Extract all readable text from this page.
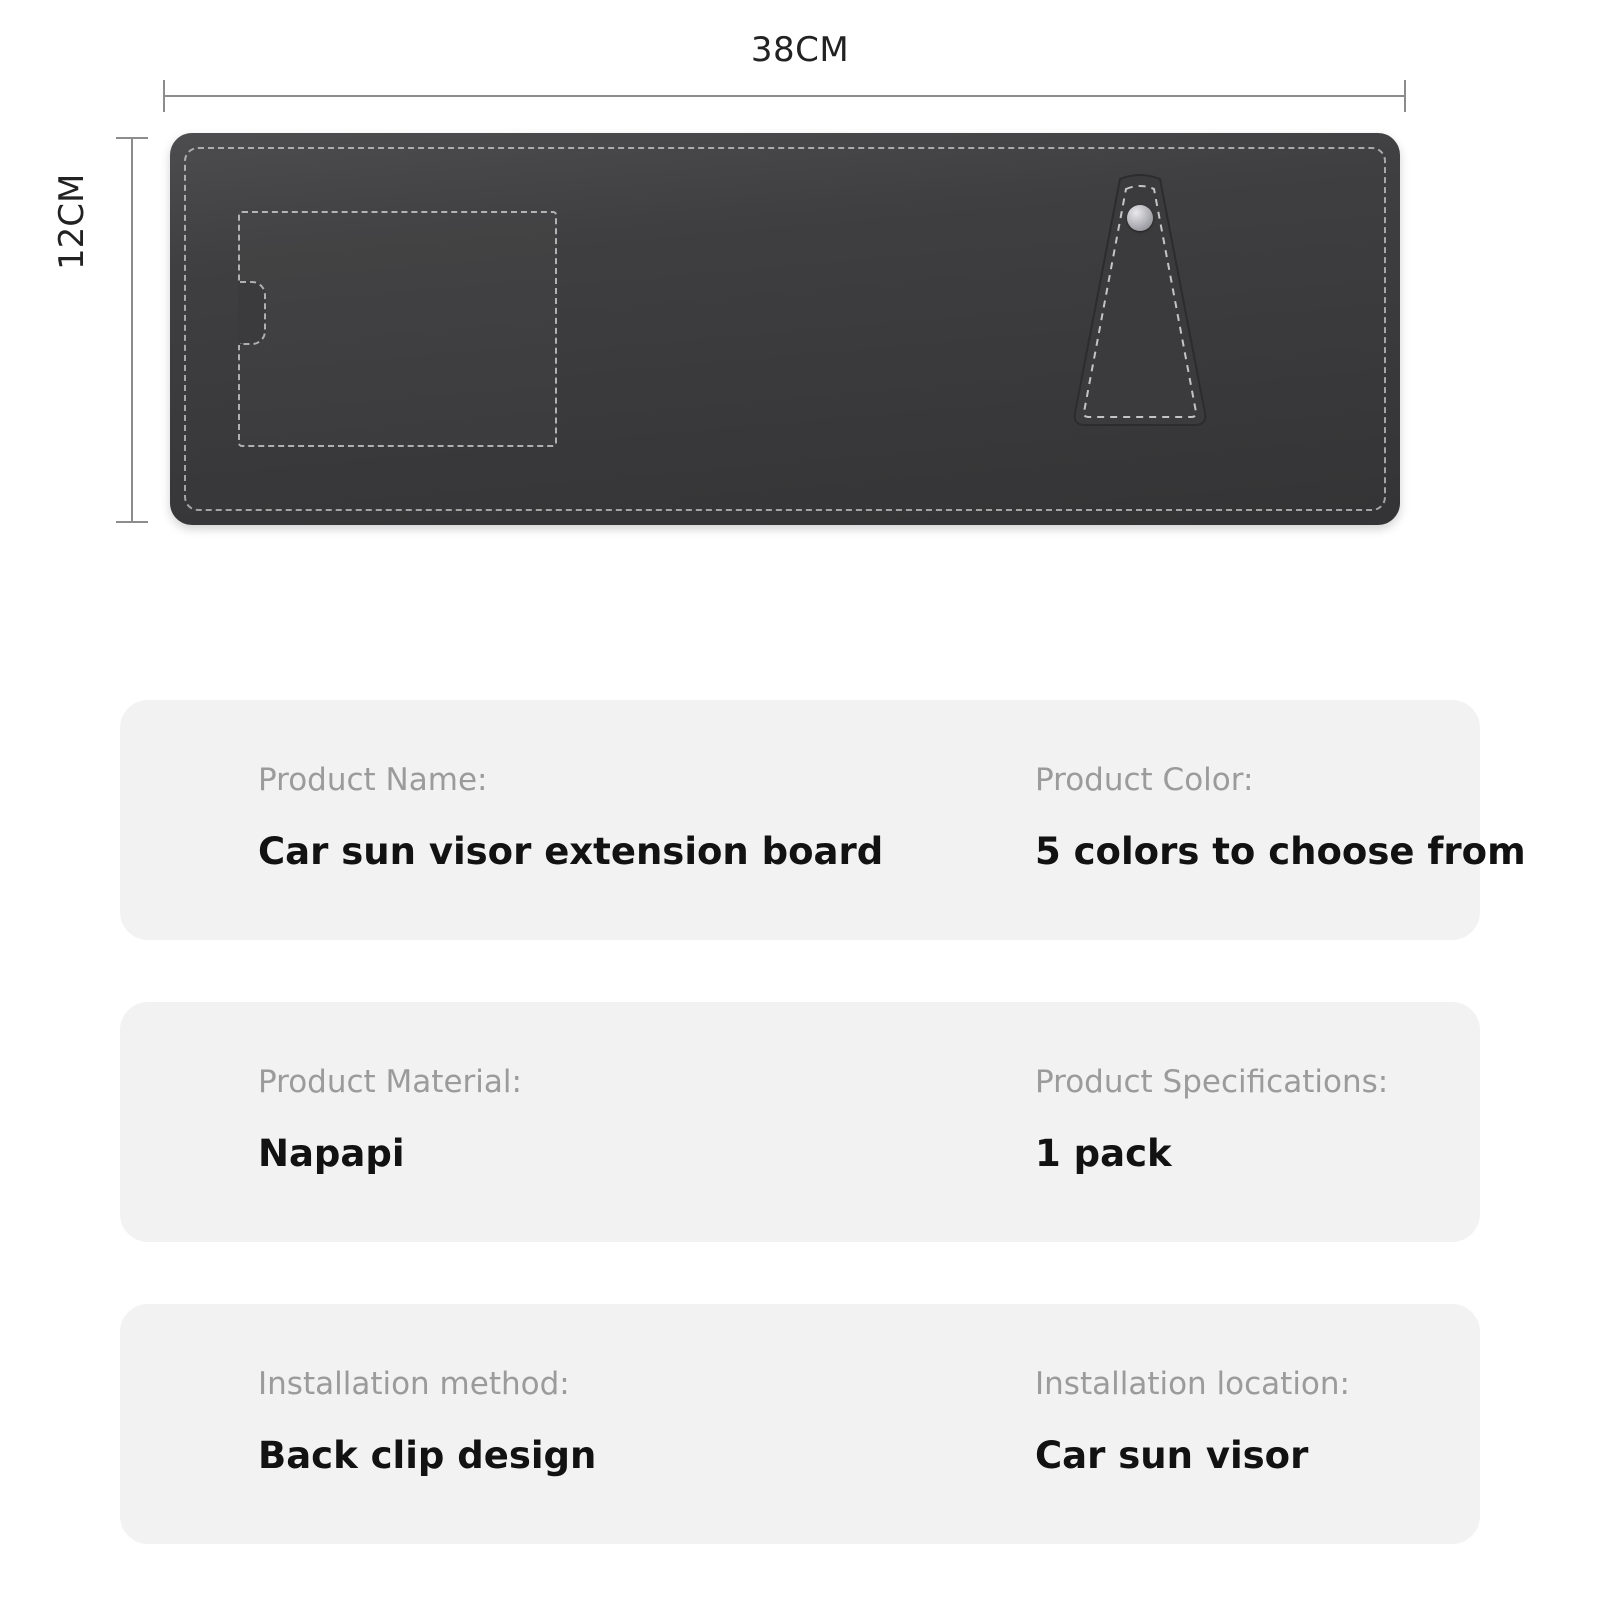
38CM
12CM
Product Name:
Car sun visor extension board
Product Color:
5 colors to choose from
Product Material:
Napapi
Product Specifications:
1 pack
Installation method:
Back clip design
Installation location:
Car sun visor
